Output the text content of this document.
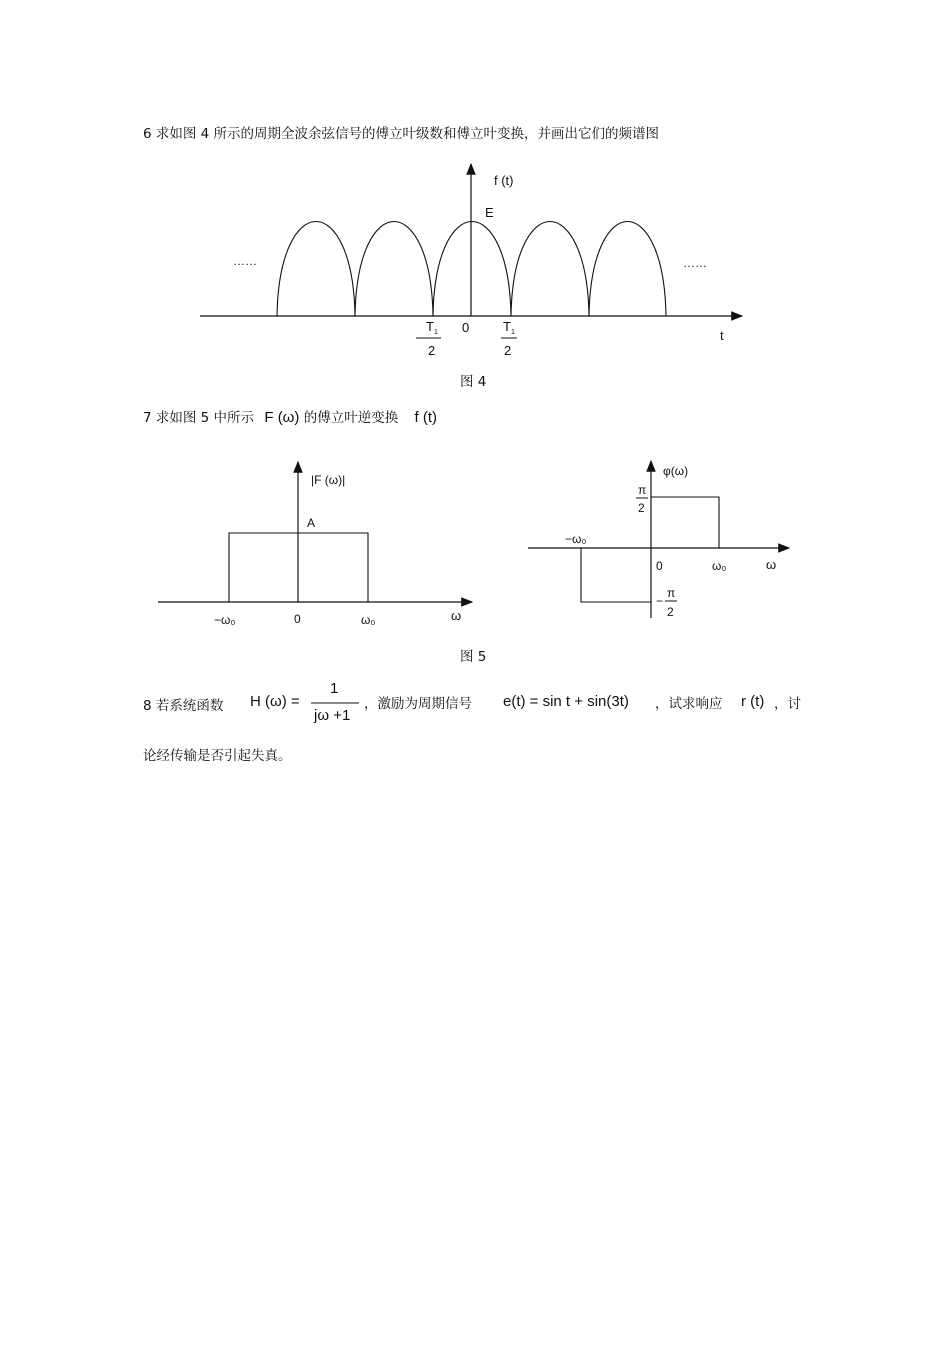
6 求如图 4 所示的周期全波余弦信号的傅立叶级数和傅立叶变换，并画出它们的频谱图
f (t)
E
……	……
t
0
T 1
2
T 1
2
|F (ω)|
A
−ω₀	0	ω₀	ω
φ(ω)
π
2
−ω₀
0	ω₀	ω
−
π
2
图 4
7 求如图 5 中所示 F (ω) 的傅立叶逆变换 f (t)
图 5
8 若系统函数 H (ω) =
1
jω +1
，激励为周期信号 e(t) = sin t + sin(3t) ，试求响应 r (t) ，讨
论经传输是否引起失真。
